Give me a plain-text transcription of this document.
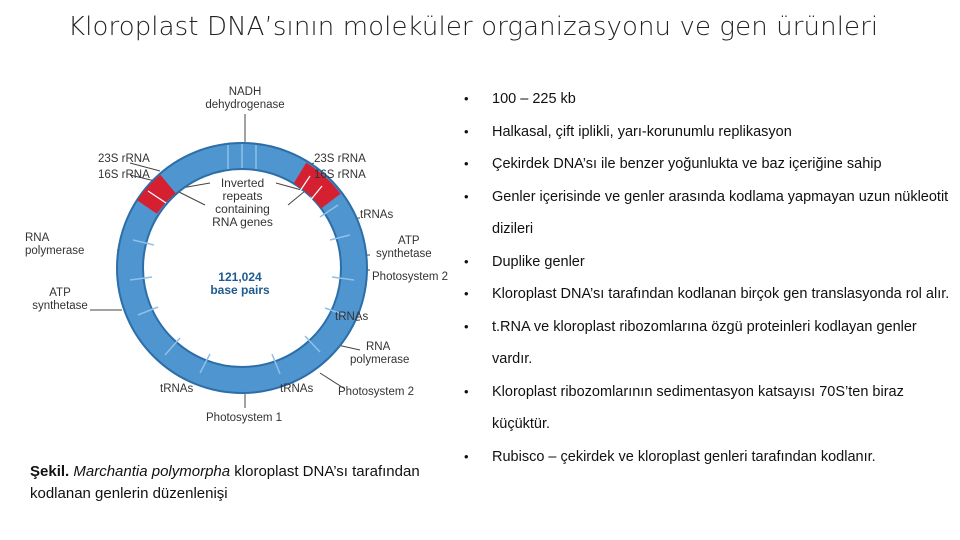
Kloroplast DNA’sının moleküler organizasyonu ve gen ürünleri
NADH
dehydrogenase
23S rRNA
16S rRNA
23S rRNA
16S rRNA
Inverted
repeats
containing
RNA genes	tRNAs
RNA
polymerase
ATP
synthetase
Photosystem 2
ATP
synthetase
121,024
base pairs
tRNAs
RNA
polymerase
tRNAs	tRNAs Photosystem 2
Photosystem 1
Şekil. Marchantia polymorpha kloroplast DNA’sı tarafından kodlanan genlerin düzenlenişi
• 100 – 225 kb
• Halkasal, çift iplikli, yarı-korunumlu replikasyon
• Çekirdek DNA’sı ile benzer yoğunlukta ve baz içeriğine sahip
• Genler içerisinde ve genler arasında kodlama yapmayan uzun nükleotit dizileri
• Duplike genler
• Kloroplast DNA’sı tarafından kodlanan birçok gen translasyonda rol alır.
• t.RNA ve kloroplast ribozomlarına özgü proteinleri kodlayan genler vardır.
• Kloroplast ribozomlarının sedimentasyon katsayısı 70S’ten biraz küçüktür.
• Rubisco – çekirdek ve kloroplast genleri tarafından kodlanır.
